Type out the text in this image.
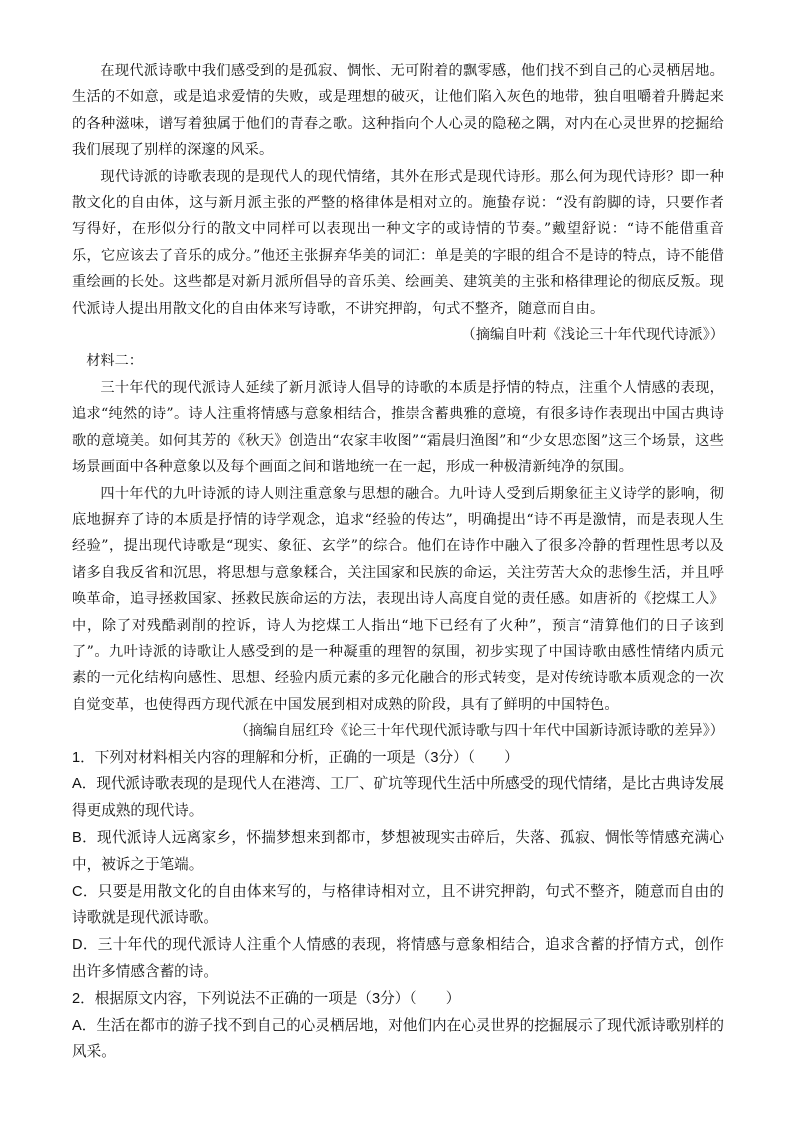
在现代派诗歌中我们感受到的是孤寂、惆怅、无可附着的飘零感，他们找不到自己的心灵栖居地。生活的不如意，或是追求爱情的失败，或是理想的破灭，让他们陷入灰色的地带，独自咀嚼着升腾起来的各种滋味，谱写着独属于他们的青春之歌。这种指向个人心灵的隐秘之隅，对内在心灵世界的挖掘给我们展现了别样的深邃的风采。

现代诗派的诗歌表现的是现代人的现代情绪，其外在形式是现代诗形。那么何为现代诗形？即一种散文化的自由体，这与新月派主张的严整的格律体是相对立的。施蛰存说：“没有韵脚的诗，只要作者写得好，在形似分行的散文中同样可以表现出一种文字的或诗情的节奏。”戴望舒说：“诗不能借重音乐，它应该去了音乐的成分。”他还主张摒弃华美的词汇：单是美的字眼的组合不是诗的特点，诗不能借重绘画的长处。这些都是对新月派所倡导的音乐美、绘画美、建筑美的主张和格律理论的彻底反叛。现代派诗人提出用散文化的自由体来写诗歌，不讲究押韵，句式不整齐，随意而自由。

（摘编自叶莉《浅论三十年代现代诗派》）

材料二：

三十年代的现代派诗人延续了新月派诗人倡导的诗歌的本质是抒情的特点，注重个人情感的表现，追求“纯然的诗”。诗人注重将情感与意象相结合，推崇含蓄典雅的意境，有很多诗作表现出中国古典诗歌的意境美。如何其芳的《秋天》创造出“农家丰收图”“霜晨归渔图”和“少女思恋图”这三个场景，这些场景画面中各种意象以及每个画面之间和谐地统一在一起，形成一种极清新纯净的氛围。

四十年代的九叶诗派的诗人则注重意象与思想的融合。九叶诗人受到后期象征主义诗学的影响，彻底地摒弃了诗的本质是抒情的诗学观念，追求“经验的传达”，明确提出“诗不再是激情，而是表现人生经验”，提出现代诗歌是“现实、象征、玄学”的综合。他们在诗作中融入了很多冷静的哲理性思考以及诸多自我反省和沉思，将思想与意象糅合，关注国家和民族的命运，关注劳苦大众的悲惨生活，并且呼唤革命，追寻拯救国家、拯救民族命运的方法，表现出诗人高度自觉的责任感。如唐祈的《挖煤工人》中，除了对残酷剥削的控诉，诗人为挖煤工人指出“地下已经有了火种”，预言“清算他们的日子该到了”。九叶诗派的诗歌让人感受到的是一种凝重的理智的氛围，初步实现了中国诗歌由感性情绪内质元素的一元化结构向感性、思想、经验内质元素的多元化融合的形式转变，是对传统诗歌本质观念的一次自觉变革，也使得西方现代派在中国发展到相对成熟的阶段，具有了鲜明的中国特色。

（摘编自屈红玲《论三十年代现代派诗歌与四十年代中国新诗派诗歌的差异》）

1．下列对材料相关内容的理解和分析，正确的一项是（3分）（　　）

A．现代派诗歌表现的是现代人在港湾、工厂、矿坑等现代生活中所感受的现代情绪，是比古典诗发展得更成熟的现代诗。

B．现代派诗人远离家乡，怀揣梦想来到都市，梦想被现实击碎后，失落、孤寂、惆怅等情感充满心中，被诉之于笔端。

C．只要是用散文化的自由体来写的，与格律诗相对立，且不讲究押韵，句式不整齐，随意而自由的诗歌就是现代派诗歌。

D．三十年代的现代派诗人注重个人情感的表现，将情感与意象相结合，追求含蓄的抒情方式，创作出许多情感含蓄的诗。

2．根据原文内容，下列说法不正确的一项是（3分）（　　）

A．生活在都市的游子找不到自己的心灵栖居地，对他们内在心灵世界的挖掘展示了现代派诗歌别样的风采。
